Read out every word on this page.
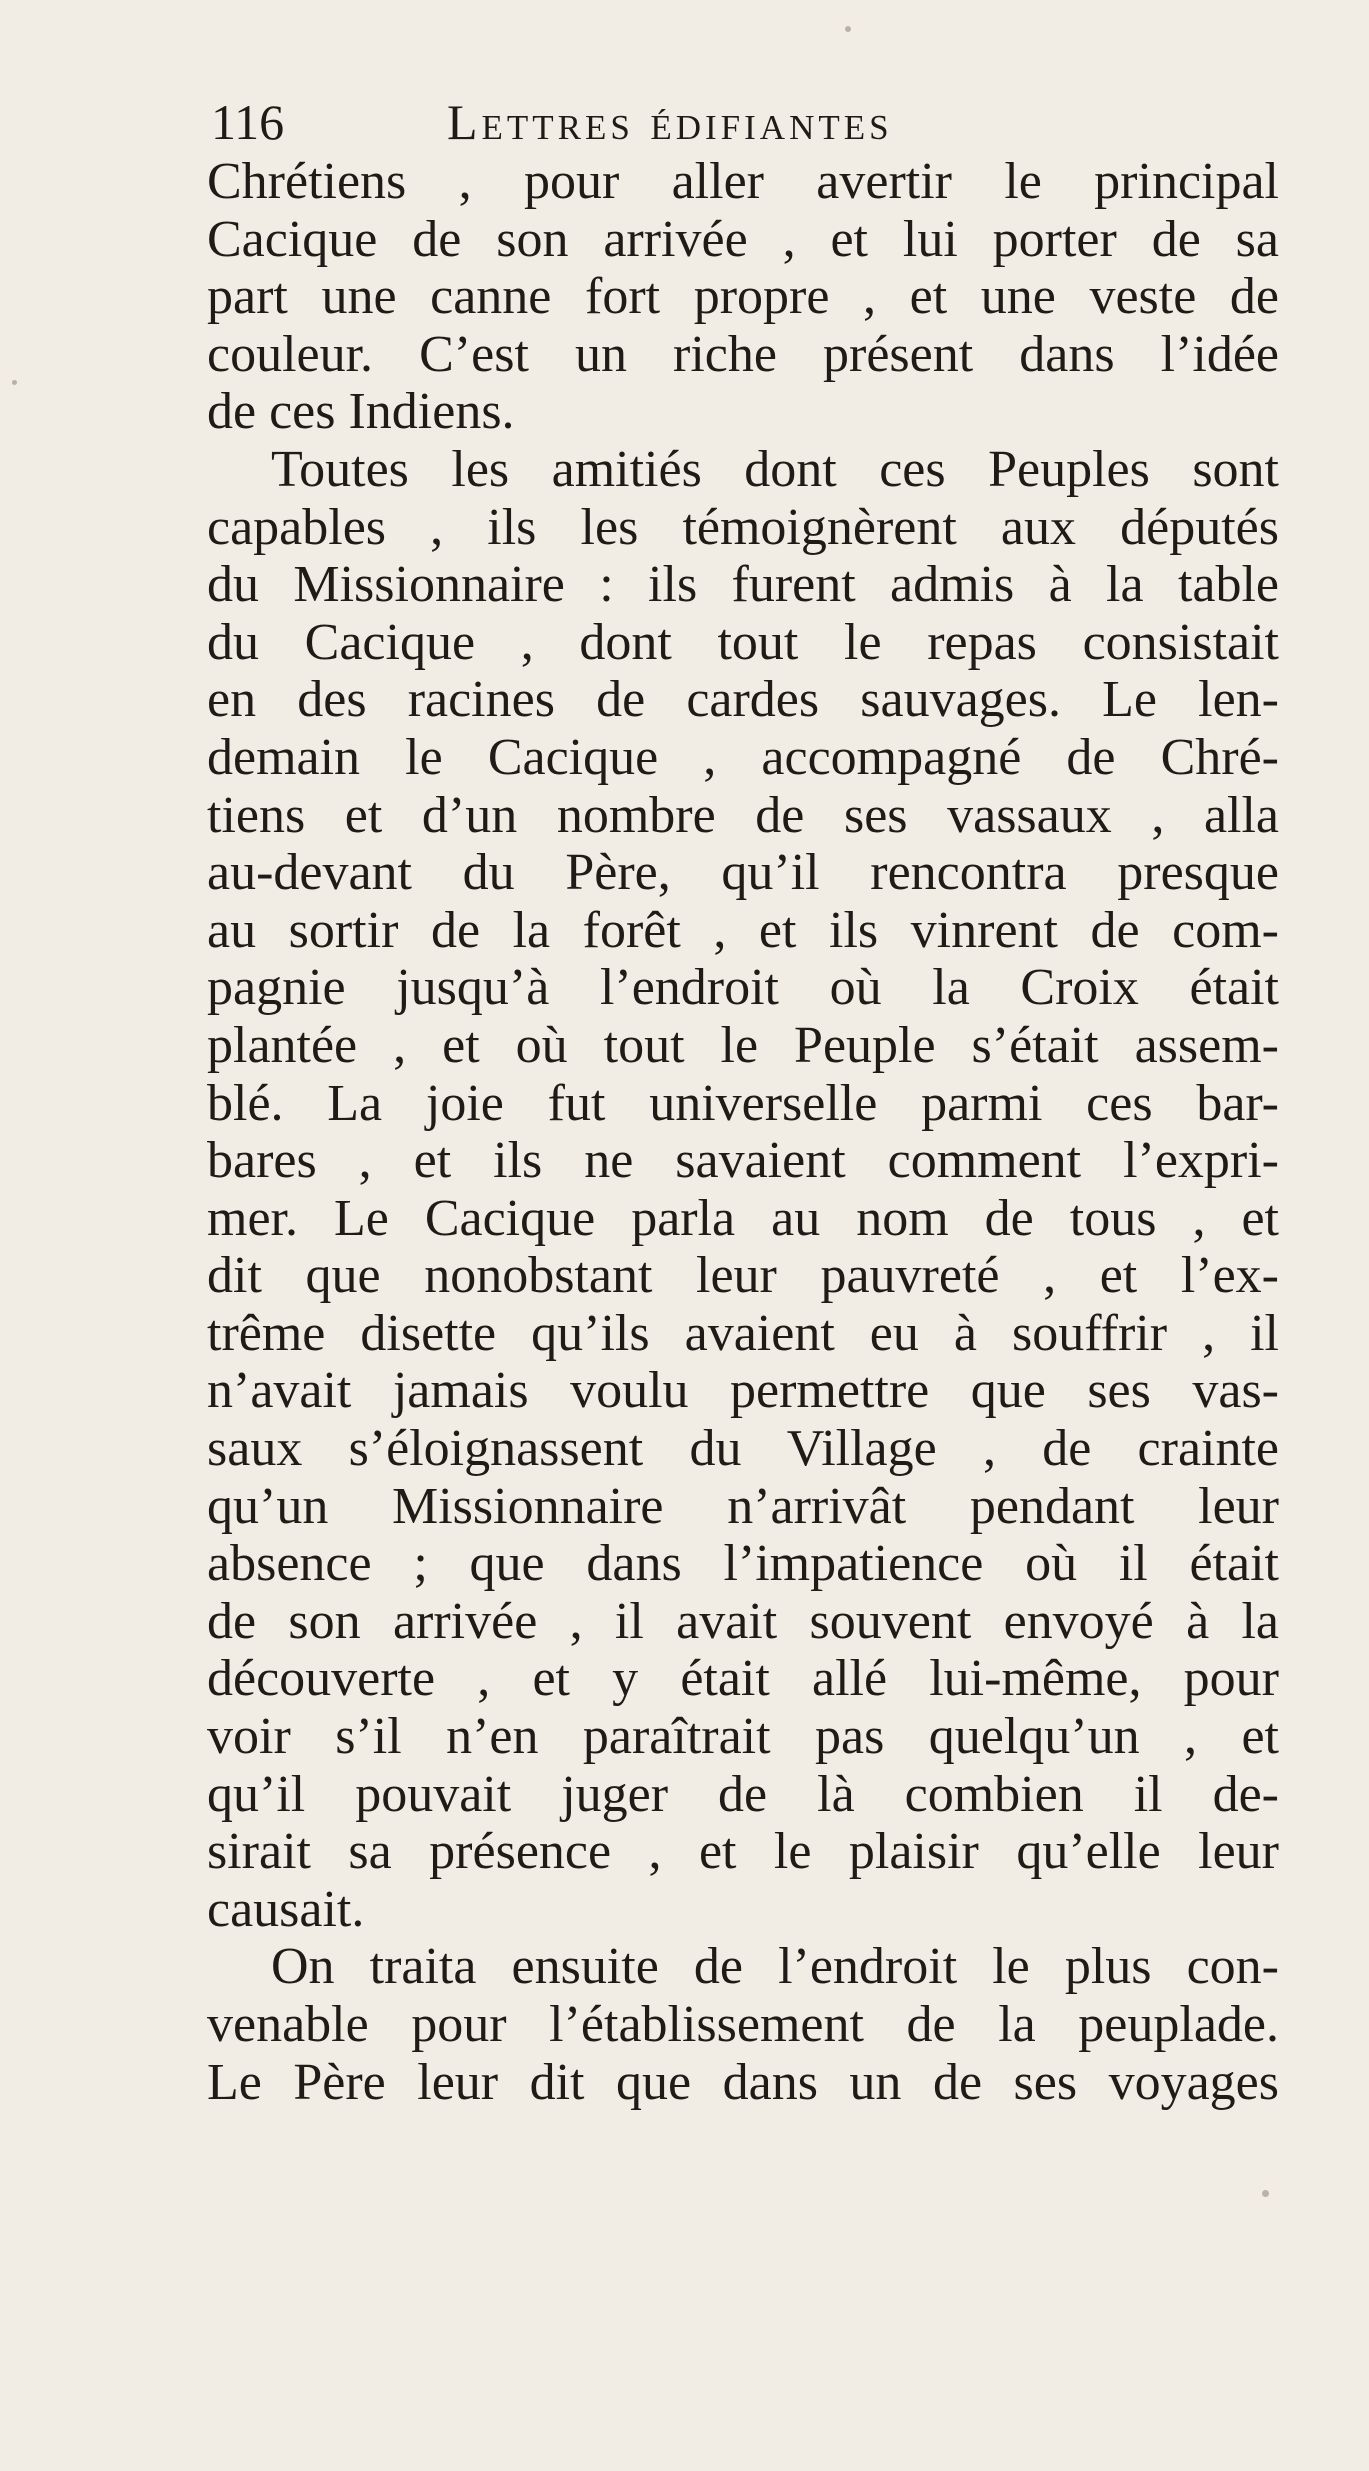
116	Lettres édifiantes
Chrétiens , pour aller avertir le principal
Cacique de son arrivée , et lui porter de sa
part une canne fort propre , et une veste de
couleur. C’est un riche présent dans l’idée
de ces Indiens.
Toutes les amitiés dont ces Peuples sont
capables , ils les témoignèrent aux députés
du Missionnaire : ils furent admis à la table
du Cacique , dont tout le repas consistait
en des racines de cardes sauvages. Le len-
demain le Cacique , accompagné de Chré-
tiens et d’un nombre de ses vassaux , alla
au-devant du Père, qu’il rencontra presque
au sortir de la forêt , et ils vinrent de com-
pagnie jusqu’à l’endroit où la Croix était
plantée , et où tout le Peuple s’était assem-
blé. La joie fut universelle parmi ces bar-
bares , et ils ne savaient comment l’expri-
mer. Le Cacique parla au nom de tous , et
dit que nonobstant leur pauvreté , et l’ex-
trême disette qu’ils avaient eu à souffrir , il
n’avait jamais voulu permettre que ses vas-
saux s’éloignassent du Village , de crainte
qu’un Missionnaire n’arrivât pendant leur
absence ; que dans l’impatience où il était
de son arrivée , il avait souvent envoyé à la
découverte , et y était allé lui-même, pour
voir s’il n’en paraîtrait pas quelqu’un , et
qu’il pouvait juger de là combien il de-
sirait sa présence , et le plaisir qu’elle leur
causait.
On traita ensuite de l’endroit le plus con-
venable pour l’établissement de la peuplade.
Le Père leur dit que dans un de ses voyages
